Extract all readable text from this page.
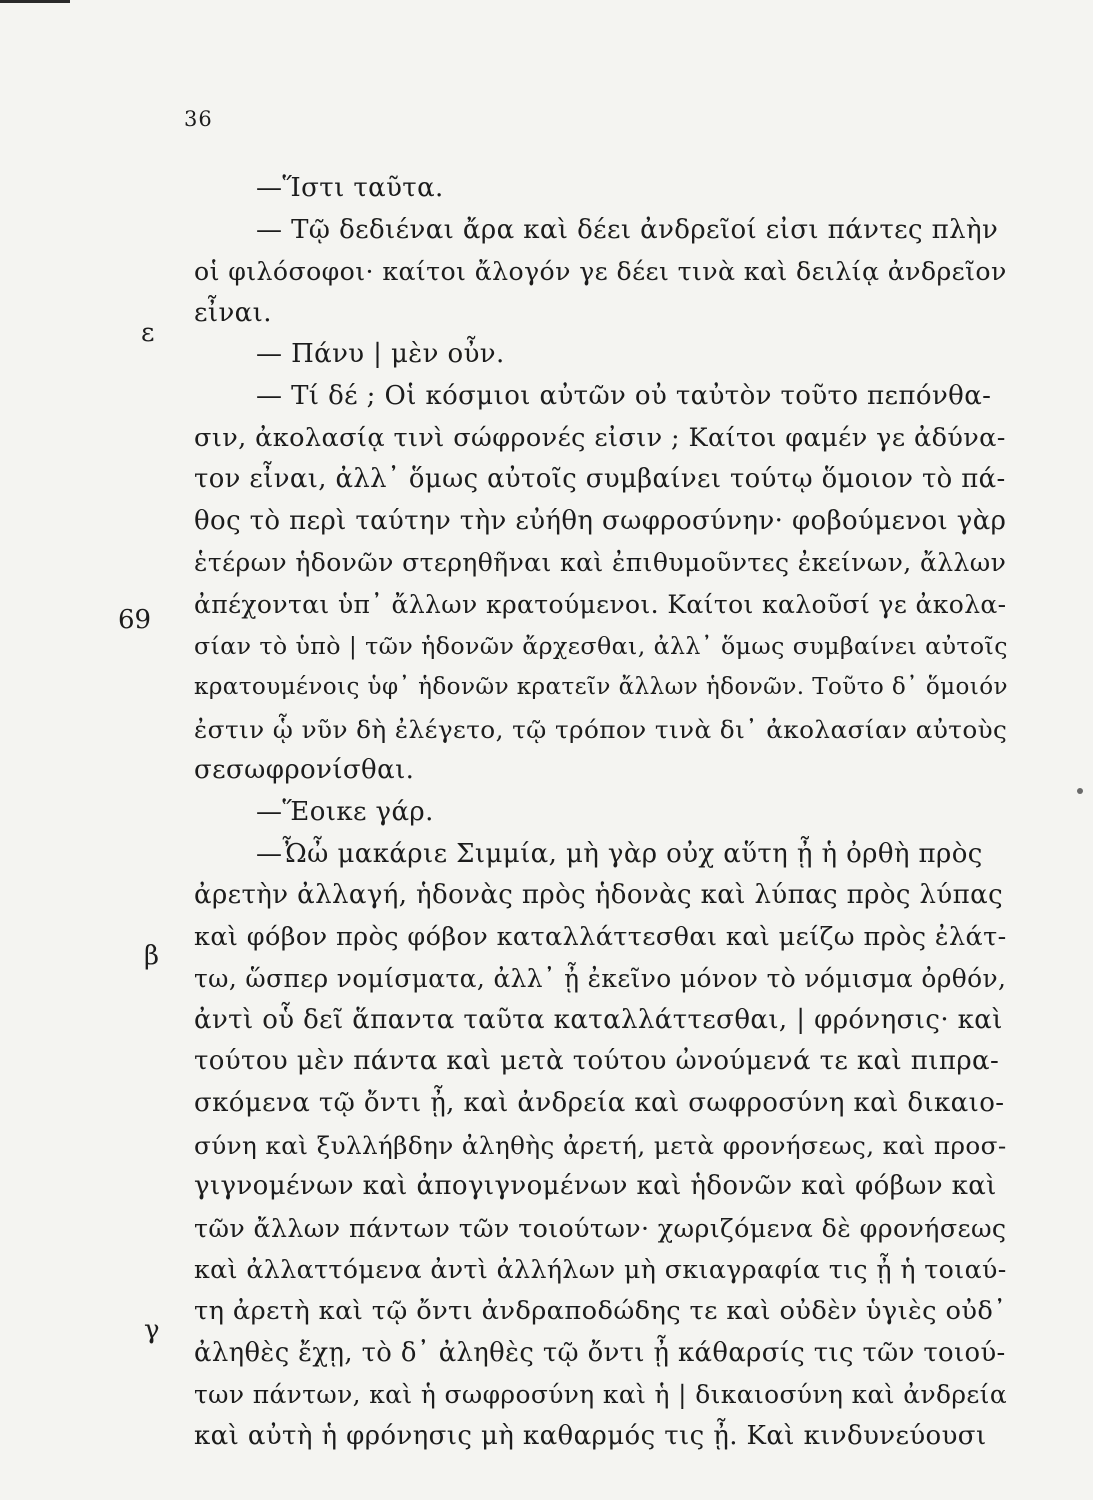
36
ε
69
β
γ
—Ἵστι ταῦτα.
— Τῷ δεδιέναι ἄρα καὶ δέει ἀνδρεῖοί εἰσι πάντες πλὴν
οἱ φιλόσοφοι· καίτοι ἄλογόν γε δέει τινὰ καὶ δειλίᾳ ἀνδρεῖον
εἶναι.
— Πάνυ | μὲν οὖν.
— Τί δέ ; Οἱ κόσμιοι αὐτῶν οὐ ταὐτὸν τοῦτο πεπόνθα-
σιν, ἀκολασίᾳ τινὶ σώφρονές εἰσιν ; Καίτοι φαμέν γε ἀδύνα-
τον εἶναι, ἀλλ᾽ ὅμως αὐτοῖς συμβαίνει τούτῳ ὅμοιον τὸ πά-
θος τὸ περὶ ταύτην τὴν εὐήθη σωφροσύνην· φοβούμενοι γὰρ
ἑτέρων ἡδονῶν στερηθῆναι καὶ ἐπιθυμοῦντες ἐκείνων, ἄλλων
ἀπέχονται ὑπ᾽ ἄλλων κρατούμενοι. Καίτοι καλοῦσί γε ἀκολα-
σίαν τὸ ὑπὸ | τῶν ἡδονῶν ἄρχεσθαι, ἀλλ᾽ ὅμως συμβαίνει αὐτοῖς
κρατουμένοις ὑφ᾽ ἡδονῶν κρατεῖν ἄλλων ἡδονῶν. Τοῦτο δ᾽ ὅμοιόν
ἐστιν ᾧ νῦν δὴ ἐλέγετο, τῷ τρόπον τινὰ δι᾽ ἀκολασίαν αὐτοὺς
σεσωφρονίσθαι.
—Ἕοικε γάρ.
—Ὦὦ μακάριε Σιμμία, μὴ γὰρ οὐχ αὕτη ᾖ ἡ ὀρθὴ πρὸς
ἀρετὴν ἀλλαγή, ἡδονὰς πρὸς ἡδονὰς καὶ λύπας πρὸς λύπας
καὶ φόβον πρὸς φόβον καταλλάττεσθαι καὶ μείζω πρὸς ἐλάτ-
τω, ὥσπερ νομίσματα, ἀλλ᾽ ᾖ ἐκεῖνο μόνον τὸ νόμισμα ὀρθόν,
ἀντὶ οὗ δεῖ ἅπαντα ταῦτα καταλλάττεσθαι, | φρόνησις· καὶ
τούτου μὲν πάντα καὶ μετὰ τούτου ὠνούμενά τε καὶ πιπρα-
σκόμενα τῷ ὄντι ᾖ, καὶ ἀνδρεία καὶ σωφροσύνη καὶ δικαιο-
σύνη καὶ ξυλλήβδην ἀληθὴς ἀρετή, μετὰ φρονήσεως, καὶ προσ-
γιγνομένων καὶ ἀπογιγνομένων καὶ ἡδονῶν καὶ φόβων καὶ
τῶν ἄλλων πάντων τῶν τοιούτων· χωριζόμενα δὲ φρονήσεως
καὶ ἀλλαττόμενα ἀντὶ ἀλλήλων μὴ σκιαγραφία τις ᾖ ἡ τοιαύ-
τη ἀρετὴ καὶ τῷ ὄντι ἀνδραποδώδης τε καὶ οὐδὲν ὑγιὲς οὐδ᾽
ἀληθὲς ἔχῃ, τὸ δ᾽ ἀληθὲς τῷ ὄντι ᾖ κάθαρσίς τις τῶν τοιού-
των πάντων, καὶ ἡ σωφροσύνη καὶ ἡ | δικαιοσύνη καὶ ἀνδρεία
καὶ αὐτὴ ἡ φρόνησις μὴ καθαρμός τις ᾖ. Καὶ κινδυνεύουσι
